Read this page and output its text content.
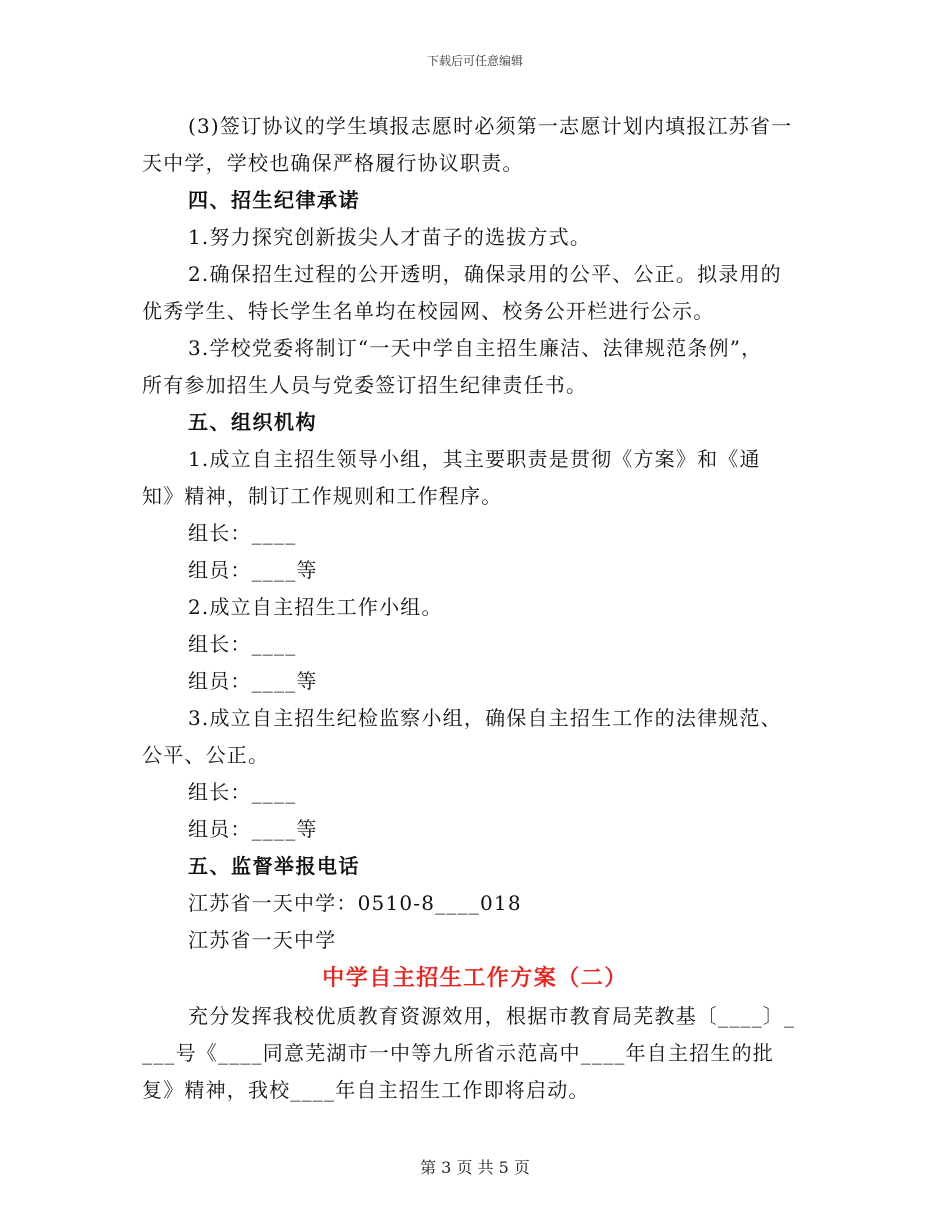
下载后可任意编辑
(3)签订协议的学生填报志愿时必须第一志愿计划内填报江苏省一
天中学，学校也确保严格履行协议职责。
四、招生纪律承诺
1.努力探究创新拔尖人才苗子的选拔方式。
2.确保招生过程的公开透明，确保录用的公平、公正。拟录用的
优秀学生、特长学生名单均在校园网、校务公开栏进行公示。
3.学校党委将制订“一天中学自主招生廉洁、法律规范条例”，
所有参加招生人员与党委签订招生纪律责任书。
五、组织机构
1.成立自主招生领导小组，其主要职责是贯彻《方案》和《通
知》精神，制订工作规则和工作程序。
组长：____
组员：____等
2.成立自主招生工作小组。
组长：____
组员：____等
3.成立自主招生纪检监察小组，确保自主招生工作的法律规范、
公平、公正。
组长：____
组员：____等
五、监督举报电话
江苏省一天中学：0510-8____018
江苏省一天中学
中学自主招生工作方案（二）
充分发挥我校优质教育资源效用，根据市教育局芜教基〔____〕_
___号《____同意芜湖市一中等九所省示范高中____年自主招生的批
复》精神，我校____年自主招生工作即将启动。
第 3 页 共 5 页
